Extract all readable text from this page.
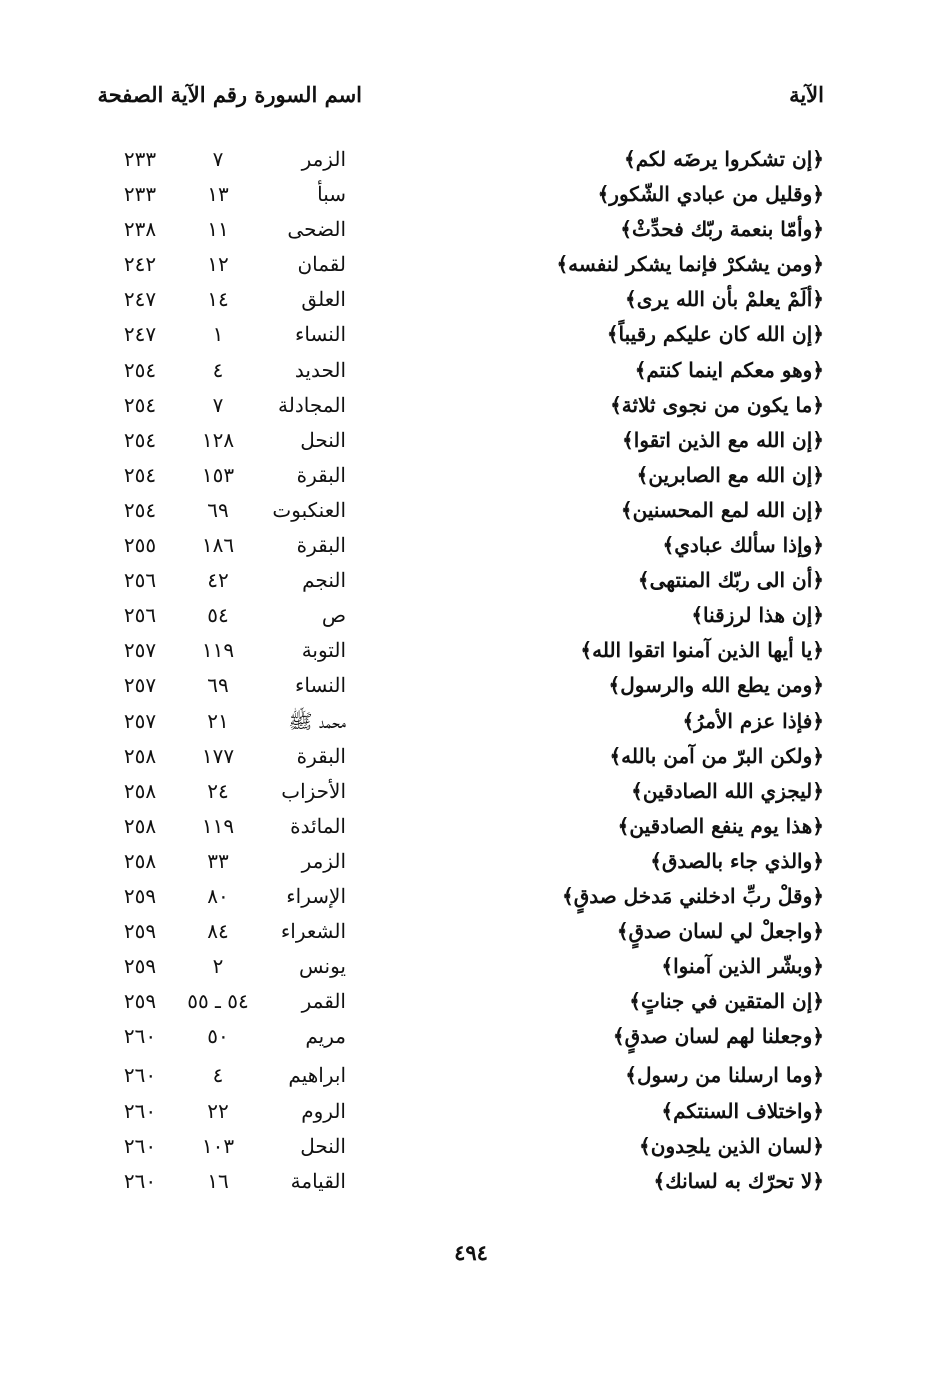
الآية
اسم السورة رقم الآية الصفحة
﴿إن تشكروا يرضَه لكم﴾
الزمر
٧
٢٣٣
﴿وقليل من عبادي الشّكور﴾
سبأ
١٣
٢٣٣
﴿وأمّا بنعمة ربّك فحدِّثْ﴾
الضحى
١١
٢٣٨
﴿ومن يشكرْ فإنما يشكر لنفسه﴾
لقمان
١٢
٢٤٢
﴿ألَمْ يعلمْ بأن الله يرى﴾
العلق
١٤
٢٤٧
﴿إن الله كان عليكم رقيباً﴾
النساء
١
٢٤٧
﴿وهو معكم اينما كنتم﴾
الحديد
٤
٢٥٤
﴿ما يكون من نجوى ثلاثة﴾
المجادلة
٧
٢٥٤
﴿إن الله مع الذين اتقوا﴾
النحل
١٢٨
٢٥٤
﴿إن الله مع الصابرين﴾
البقرة
١٥٣
٢٥٤
﴿إن الله لمع المحسنين﴾
العنكبوت
٦٩
٢٥٤
﴿وإذا سألك عبادي﴾
البقرة
١٨٦
٢٥٥
﴿أن الى ربّك المنتهى﴾
النجم
٤٢
٢٥٦
﴿إن هذا لرزقنا﴾
ص
٥٤
٢٥٦
﴿يا أيها الذين آمنوا اتقوا الله﴾
التوبة
١١٩
٢٥٧
﴿ومن يطع الله والرسول﴾
النساء
٦٩
٢٥٧
﴿فإذا عزم الأمرُ﴾
محمد ﷺ
٢١
٢٥٧
﴿ولكن البرّ من آمن بالله﴾
البقرة
١٧٧
٢٥٨
﴿ليجزي الله الصادقين﴾
الأحزاب
٢٤
٢٥٨
﴿هذا يوم ينفع الصادقين﴾
المائدة
١١٩
٢٥٨
﴿والذي جاء بالصدق﴾
الزمر
٣٣
٢٥٨
﴿وقلْ ربِّ ادخلني مَدخل صدقٍ﴾
الإسراء
٨٠
٢٥٩
﴿واجعلْ لي لسان صدقٍ﴾
الشعراء
٨٤
٢٥٩
﴿وبشّر الذين آمنوا﴾
يونس
٢
٢٥٩
﴿إن المتقين في جناتٍ﴾
القمر
٥٤ ـ ٥٥
٢٥٩
﴿وجعلنا لهم لسان صدقٍ﴾
مريم
٥٠
٢٦٠
﴿وما ارسلنا من رسول﴾
ابراهيم
٤
٢٦٠
﴿واختلاف السنتكم﴾
الروم
٢٢
٢٦٠
﴿لسان الذين يلحِدون﴾
النحل
١٠٣
٢٦٠
﴿لا تحرّك به لسانك﴾
القيامة
١٦
٢٦٠
٤٩٤
